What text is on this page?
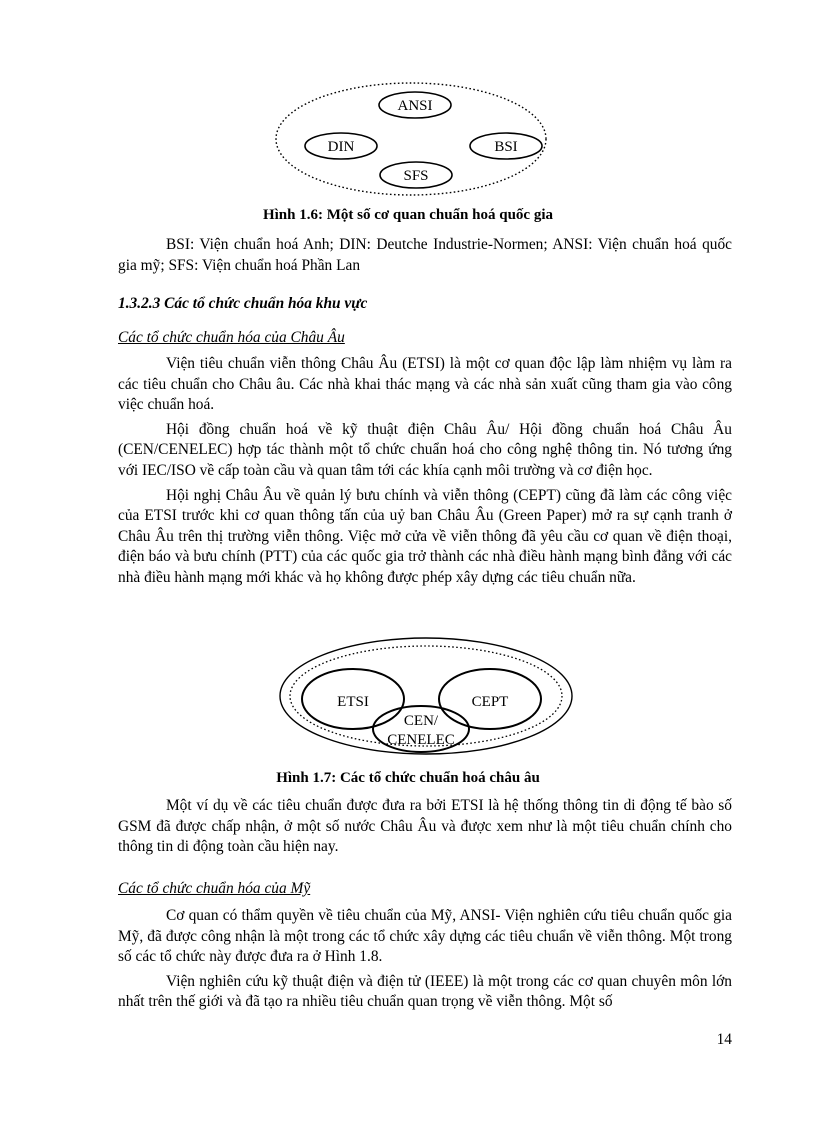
ANSI
DIN	BSI
SFS

Hình 1.6: Một số cơ quan chuẩn hoá quốc gia

BSI: Viện chuẩn hoá Anh; DIN: Deutche Industrie-Normen; ANSI: Viện chuẩn hoá quốc gia mỹ; SFS: Viện chuẩn hoá Phần Lan

1.3.2.3 Các tổ chức chuẩn hóa khu vực

Các tổ chức chuẩn hóa của Châu Âu

Viện tiêu chuẩn viễn thông Châu Âu (ETSI) là một cơ quan độc lập làm nhiệm vụ làm ra các tiêu chuẩn cho Châu âu. Các nhà khai thác mạng và các nhà sản xuất cũng tham gia vào công việc chuẩn hoá.

Hội đồng chuẩn hoá về kỹ thuật điện Châu Âu/ Hội đồng chuẩn hoá Châu Âu (CEN/CENELEC) hợp tác thành một tổ chức chuẩn hoá cho công nghệ thông tin. Nó tương ứng với IEC/ISO về cấp toàn cầu và quan tâm tới các khía cạnh môi trường và cơ điện học.

Hội nghị Châu Âu về quản lý bưu chính và viễn thông (CEPT) cũng đã làm các công việc của ETSI trước khi cơ quan thông tấn của uỷ ban Châu Âu (Green Paper) mở ra sự cạnh tranh ở Châu Âu trên thị trường viễn thông. Việc mở cửa về viễn thông đã yêu cầu cơ quan về điện thoại, điện báo và bưu chính (PTT) của các quốc gia trở thành các nhà điều hành mạng bình đẳng với các nhà điều hành mạng mới khác và họ không được phép xây dựng các tiêu chuẩn nữa.

ETSI	CEPT
CEN/
CENELEC

Hình 1.7: Các tổ chức chuẩn hoá châu âu

Một ví dụ về các tiêu chuẩn được đưa ra bởi ETSI là hệ thống thông tin di động tế bào số GSM đã được chấp nhận, ở một số nước Châu Âu và được xem như là một tiêu chuẩn chính cho thông tin di động toàn cầu hiện nay.

Các tổ chức chuẩn hóa của Mỹ

Cơ quan có thẩm quyền về tiêu chuẩn của Mỹ, ANSI- Viện nghiên cứu tiêu chuẩn quốc gia Mỹ, đã được công nhận là một trong các tổ chức xây dựng các tiêu chuẩn về viễn thông. Một trong số các tổ chức này được đưa ra ở Hình 1.8.

Viện nghiên cứu kỹ thuật điện và điện tử (IEEE) là một trong các cơ quan chuyên môn lớn nhất trên thế giới và đã tạo ra nhiều tiêu chuẩn quan trọng về viễn thông. Một số

14
